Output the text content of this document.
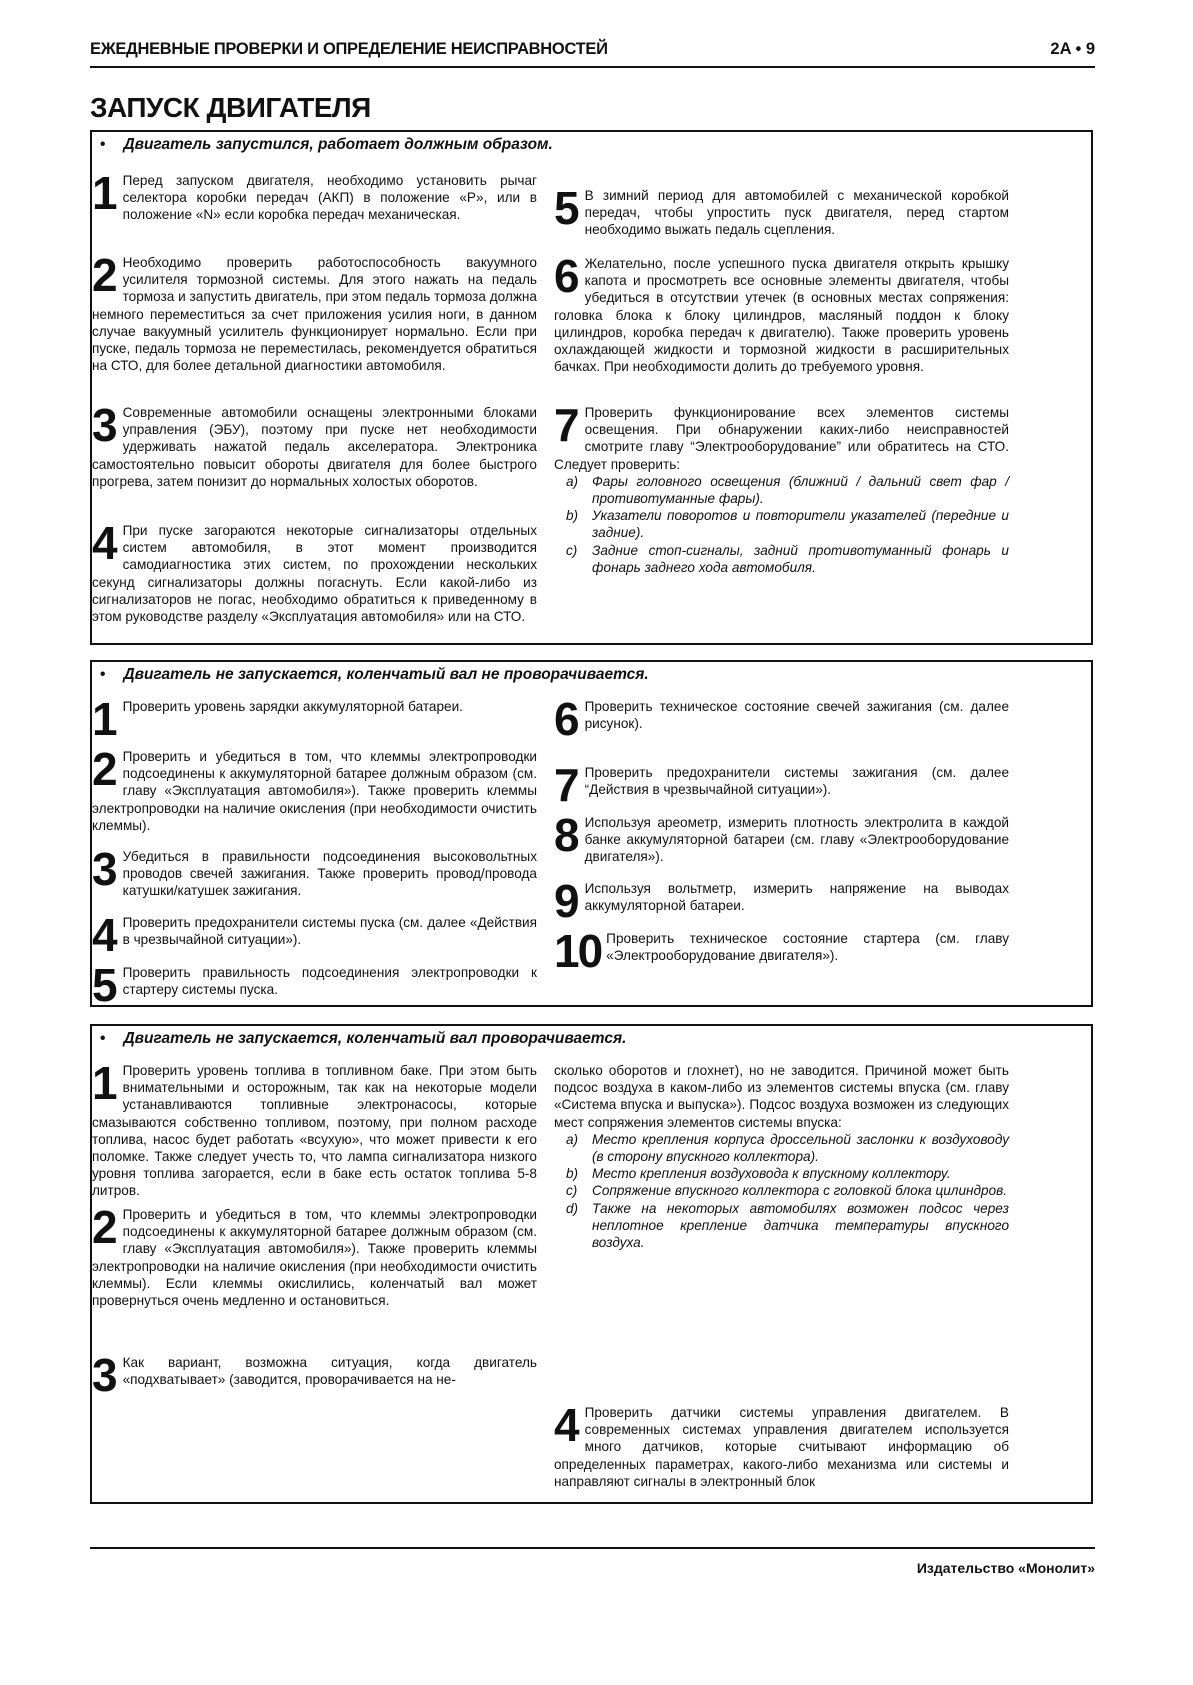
ЕЖЕДНЕВНЫЕ ПРОВЕРКИ И ОПРЕДЕЛЕНИЕ НЕИСПРАВНОСТЕЙ	2A • 9
ЗАПУСК ДВИГАТЕЛЯ
• Двигатель запустился, работает должным образом.
1 Перед запуском двигателя, необходимо установить рычаг селектора коробки передач (АКП) в положение «P», или в положение «N» если коробка передач механическая.
2 Необходимо проверить работоспособность вакуумного усилителя тормозной системы. Для этого нажать на педаль тормоза и запустить двигатель, при этом педаль тормоза должна немного переместиться за счет приложения усилия ноги, в данном случае вакуумный усилитель функционирует нормально. Если при пуске, педаль тормоза не переместилась, рекомендуется обратиться на СТО, для более детальной диагностики автомобиля.
3 Современные автомобили оснащены электронными блоками управления (ЭБУ), поэтому при пуске нет необходимости удерживать нажатой педаль акселератора. Электроника самостоятельно повысит обороты двигателя для более быстрого прогрева, затем понизит до нормальных холостых оборотов.
4 При пуске загораются некоторые сигнализаторы отдельных систем автомобиля, в этот момент производится самодиагностика этих систем, по прохождении нескольких секунд сигнализаторы должны погаснуть. Если какой-либо из сигнализаторов не погас, необходимо обратиться к приведенному в этом руководстве разделу «Эксплуатация автомобиля» или на СТО.
5 В зимний период для автомобилей с механической коробкой передач, чтобы упростить пуск двигателя, перед стартом необходимо выжать педаль сцепления.
6 Желательно, после успешного пуска двигателя открыть крышку капота и просмотреть все основные элементы двигателя, чтобы убедиться в отсутствии утечек (в основных местах сопряжения: головка блока к блоку цилиндров, масляный поддон к блоку цилиндров, коробка передач к двигателю). Также проверить уровень охлаждающей жидкости и тормозной жидкости в расширительных бачках. При необходимости долить до требуемого уровня.
7 Проверить функционирование всех элементов системы освещения. При обнаружении каких-либо неисправностей смотрите главу “Электрооборудование” или обратитесь на СТО. Следует проверить:
a) Фары головного освещения (ближний / дальний свет фар / противотуманные фары).
b) Указатели поворотов и повторители указателей (передние и задние).
c) Задние стоп-сигналы, задний противотуманный фонарь и фонарь заднего хода автомобиля.
• Двигатель не запускается, коленчатый вал не проворачивается.
1 Проверить уровень зарядки аккумуляторной батареи.
2 Проверить и убедиться в том, что клеммы электропроводки подсоединены к аккумуляторной батарее должным образом (см. главу «Эксплуатация автомобиля»). Также проверить клеммы электропроводки на наличие окисления (при необходимости очистить клеммы).
3 Убедиться в правильности подсоединения высоковольтных проводов свечей зажигания. Также проверить провод/провода катушки/катушек зажигания.
4 Проверить предохранители системы пуска (см. далее «Действия в чрезвычайной ситуации»).
5 Проверить правильность подсоединения электропроводки к стартеру системы пуска.
6 Проверить техническое состояние свечей зажигания (см. далее рисунок).
7 Проверить предохранители системы зажигания (см. далее “Действия в чрезвычайной ситуации»).
8 Используя ареометр, измерить плотность электролита в каждой банке аккумуляторной батареи (см. главу «Электрооборудование двигателя»).
9 Используя вольтметр, измерить напряжение на выводах аккумуляторной батареи.
10 Проверить техническое состояние стартера (см. главу «Электрооборудование двигателя»).
• Двигатель не запускается, коленчатый вал проворачивается.
1 Проверить уровень топлива в топливном баке. При этом быть внимательными и осторожным, так как на некоторые модели устанавливаются топливные электронасосы, которые смазываются собственно топливом, поэтому, при полном расходе топлива, насос будет работать «всухую», что может привести к его поломке. Также следует учесть то, что лампа сигнализатора низкого уровня топлива загорается, если в баке есть остаток топлива 5-8 литров.
2 Проверить и убедиться в том, что клеммы электропроводки подсоединены к аккумуляторной батарее должным образом (см. главу «Эксплуатация автомобиля»). Также проверить клеммы электропроводки на наличие окисления (при необходимости очистить клеммы). Если клеммы окислились, коленчатый вал может провернуться очень медленно и остановиться.
3 Как вариант, возможна ситуация, когда двигатель «подхватывает» (заводится, проворачивается на не-
сколько оборотов и глохнет), но не заводится. Причиной может быть подсос воздуха в каком-либо из элементов системы впуска (см. главу «Система впуска и выпуска»). Подсос воздуха возможен из следующих мест сопряжения элементов системы впуска:
a) Место крепления корпуса дроссельной заслонки к воздуховоду (в сторону впускного коллектора).
b) Место крепления воздуховода к впускному коллектору.
c) Сопряжение впускного коллектора с головкой блока цилиндров.
d) Также на некоторых автомобилях возможен подсос через неплотное крепление датчика температуры впускного воздуха.
4 Проверить датчики системы управления двигателем. В современных системах управления двигателем используется много датчиков, которые считывают информацию об определенных параметрах, какого-либо механизма или системы и направляют сигналы в электронный блок
Издательство «Монолит»
